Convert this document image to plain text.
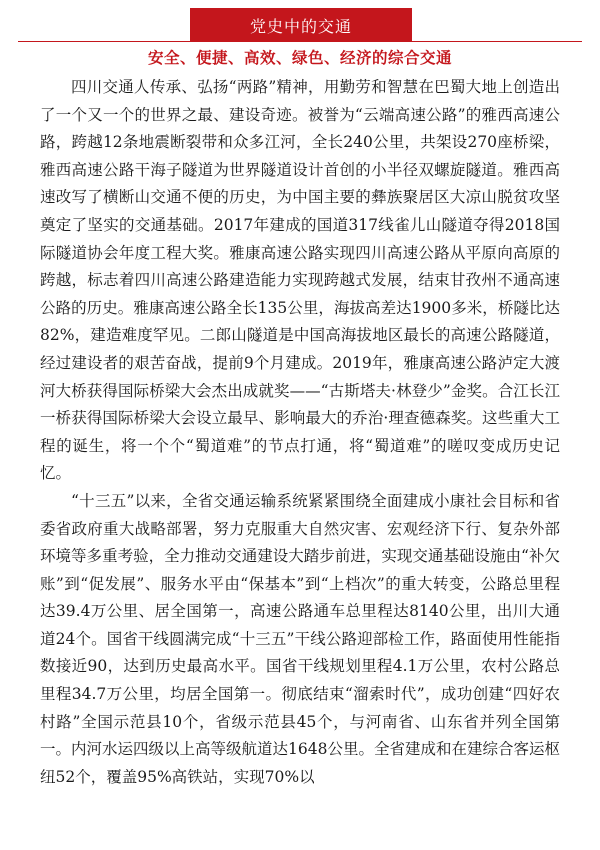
党史中的交通
安全、便捷、高效、绿色、经济的综合交通

四川交通人传承、弘扬“两路”精神，用勤劳和智慧在巴蜀大地上创造出了一个又一个的世界之最、建设奇迹。被誉为“云端高速公路”的雅西高速公路，跨越12条地震断裂带和众多江河，全长240公里，共架设270座桥梁，雅西高速公路干海子隧道为世界隧道设计首创的小半径双螺旋隧道。雅西高速改写了横断山交通不便的历史，为中国主要的彝族聚居区大凉山脱贫攻坚奠定了坚实的交通基础。2017年建成的国道317线雀儿山隧道夺得2018国际隧道协会年度工程大奖。雅康高速公路实现四川高速公路从平原向高原的跨越，标志着四川高速公路建造能力实现跨越式发展，结束甘孜州不通高速公路的历史。雅康高速公路全长135公里，海拔高差达1900多米，桥隧比达82%，建造难度罕见。二郎山隧道是中国高海拔地区最长的高速公路隧道，经过建设者的艰苦奋战，提前9个月建成。2019年，雅康高速公路泸定大渡河大桥获得国际桥梁大会杰出成就奖——“古斯塔夫·林登少”金奖。合江长江一桥获得国际桥梁大会设立最早、影响最大的乔治·理查德森奖。这些重大工程的诞生，将一个个“蜀道难”的节点打通，将“蜀道难”的嗟叹变成历史记忆。

“十三五”以来，全省交通运输系统紧紧围绕全面建成小康社会目标和省委省政府重大战略部署，努力克服重大自然灾害、宏观经济下行、复杂外部环境等多重考验，全力推动交通建设大踏步前进，实现交通基础设施由“补欠账”到“促发展”、服务水平由“保基本”到“上档次”的重大转变，公路总里程达39.4万公里、居全国第一，高速公路通车总里程达8140公里，出川大通道24个。国省干线圆满完成“十三五”干线公路迎部检工作，路面使用性能指数接近90，达到历史最高水平。国省干线规划里程4.1万公里，农村公路总里程34.7万公里，均居全国第一。彻底结束“溜索时代”，成功创建“四好农村路”全国示范县10个，省级示范县45个，与河南省、山东省并列全国第一。内河水运四级以上高等级航道达1648公里。全省建成和在建综合客运枢纽52个，覆盖95%高铁站，实现70%以
